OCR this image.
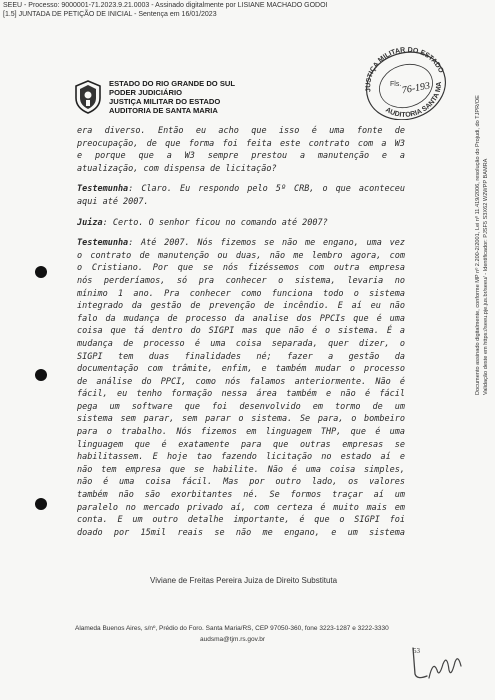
SEEU - Processo: 9000001-71.2023.9.21.0003 - Assinado digitalmente por LISIANE MACHADO GODOI
[1.5] JUNTADA DE PETIÇÃO DE INICIAL - Sentença em 16/01/2023
Documento assinado digitalmente, conforme MP nº 2.200-2/2001, Lei nº 11.419/2006, resolução do Projudi, do TJPR/OE Validação deste em https://seeu.pje.jus.br/seeu/ - Identificador: PJSF5 S3X62 W2WPP BAMRA
ESTADO DO RIO GRANDE DO SUL
PODER JUDICIÁRIO
JUSTIÇA MILITAR DO ESTADO
AUDITORIA DE SANTA MARIA
JUSTIÇA MILITAR DO ESTADO
AUDITORIA SANTA MARIA
Fls. 76-193

era diverso. Então eu acho que isso é uma fonte de
preocupação, de que forma foi feita este contrato com a W3
e porque que a W3 sempre prestou a manutenção e a
atualização, com dispensa de licitação?

Testemunha: Claro. Eu respondo pelo 5º CRB, o que aconteceu
aqui até 2007.

Juiza: Certo. O senhor ficou no comando até 2007?

Testemunha: Até 2007. Nós fizemos se não me engano, uma vez
o contrato de manutenção ou duas, não me lembro agora, com
o Cristiano. Por que se nós fizéssemos com outra empresa
nós perderíamos, só pra conhecer o sistema, levaria no
mínimo 1 ano. Pra conhecer como funciona todo o sistema
integrado da gestão de prevenção de incêndio. E aí eu não
falo da mudança de processo da analise dos PPCIs que é uma
coisa que tá dentro do SIGPI mas que não é o sistema. É a
mudança de processo é uma coisa separada, quer dizer, o
SIGPI tem duas finalidades né; fazer a gestão da
documentação com trâmite, enfim, e também mudar o processo
de análise do PPCI, como nós falamos anteriormente. Não é
fácil, eu tenho formação nessa área também e não é fácil
pega um software que foi desenvolvido em tormo de um
sistema sem parar, sem parar o sistema. Se para, o bombeiro
para o trabalho. Nós fizemos em linguagem THP, que é uma
linguagem que é exatamente para que outras empresas se
habilitassem. E hoje tao fazendo licitação no estado aí e
não tem empresa que se habilite. Não é uma coisa simples,
não é uma coisa fácil. Mas por outro lado, os valores
também não são exorbitantes né. Se formos traçar aí um
paralelo no mercado privado aí, com certeza é muito mais em
conta. E um outro detalhe importante, é que o SIGPI foi
doado por 15mil reais se não me engano, e um sistema

Viviane de Freitas Pereira Juiza de Direito Substituta
Alameda Buenos Aires, s/nº, Prédio do Foro. Santa Maria/RS, CEP 97050-360, fone 3223-1287 e 3222-3330
audsma@tjm.rs.gov.br
53
